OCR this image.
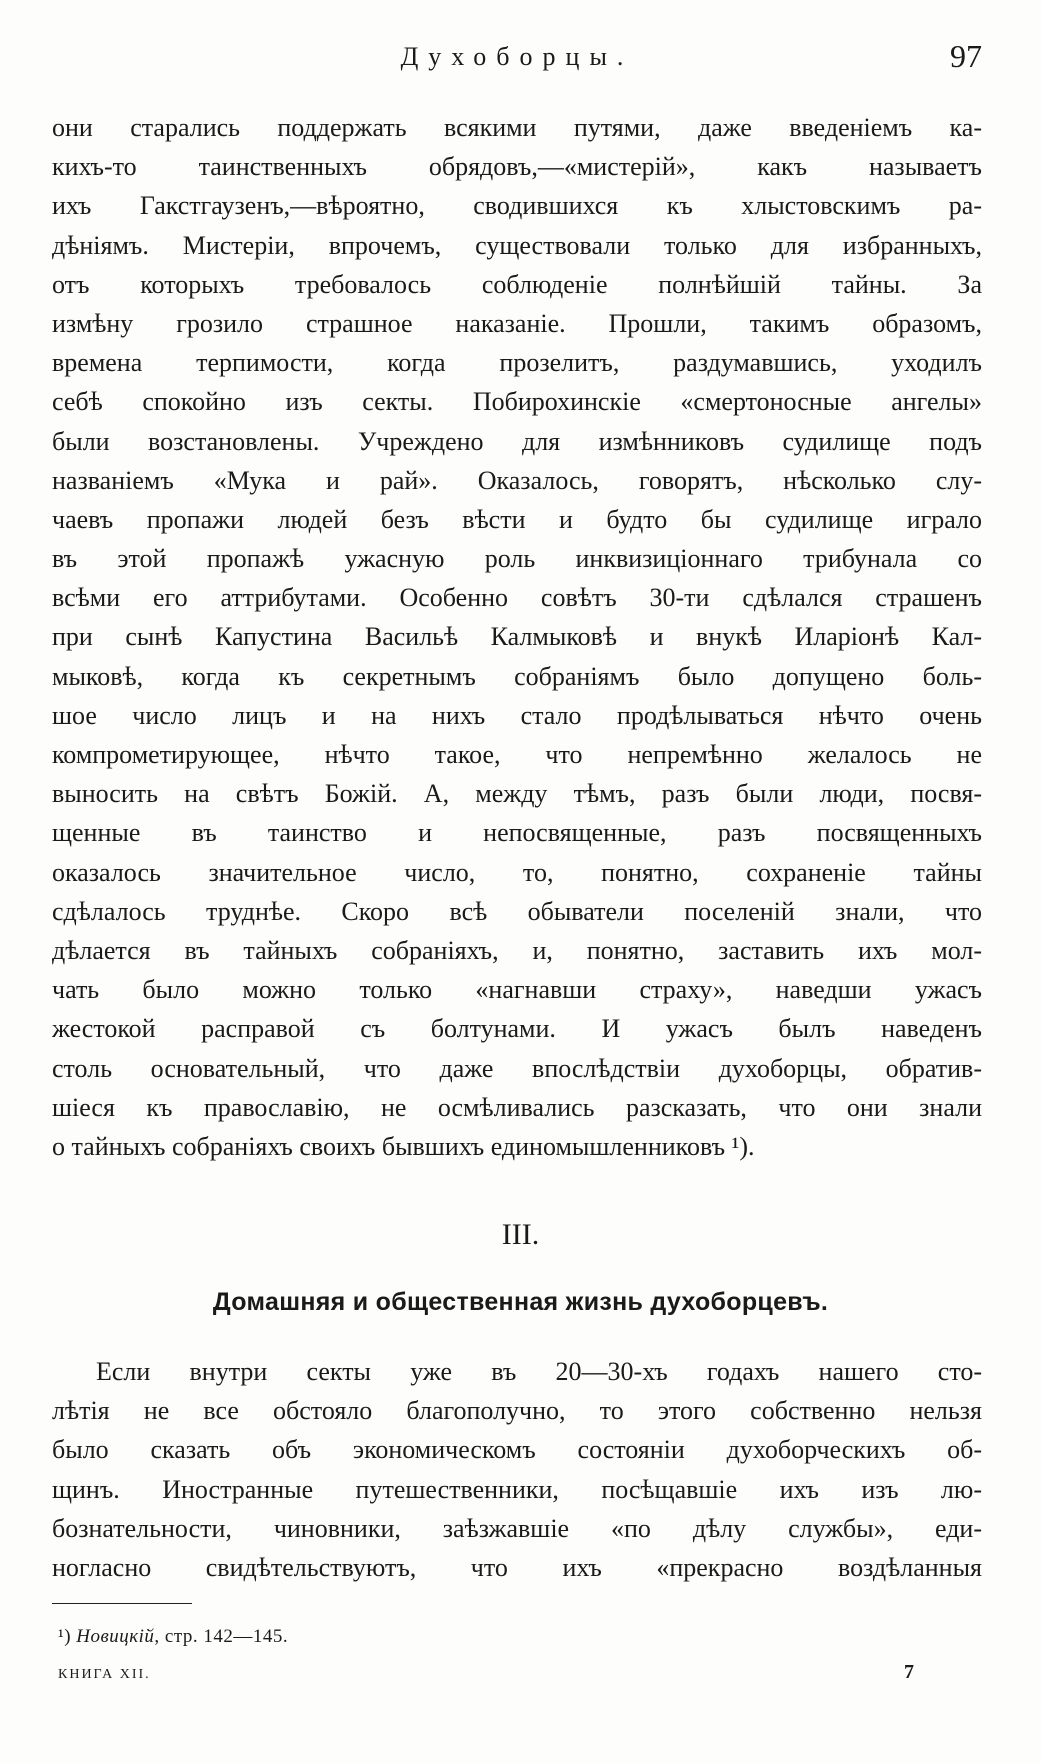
Духоборцы.	97
они старались поддержать всякими путями, даже введеніемъ ка-
кихъ-то таинственныхъ обрядовъ,—«мистерій», какъ называетъ
ихъ Гакстгаузенъ,—вѣроятно, сводившихся къ хлыстовскимъ ра-
дѣніямъ. Мистеріи, впрочемъ, существовали только для избранныхъ,
отъ которыхъ требовалось соблюденіе полнѣйшій тайны. За
измѣну грозило страшное наказаніе. Прошли, такимъ образомъ,
времена терпимости, когда прозелитъ, раздумавшись, уходилъ
себѣ спокойно изъ секты. Побирохинскіе «смертоносные ангелы»
были возстановлены. Учреждено для измѣнниковъ судилище подъ
названіемъ «Мука и рай». Оказалось, говорятъ, нѣсколько слу-
чаевъ пропажи людей безъ вѣсти и будто бы судилище играло
въ этой пропажѣ ужасную роль инквизиціоннаго трибунала со
всѣми его аттрибутами. Особенно совѣтъ 30-ти сдѣлался страшенъ
при сынѣ Капустина Васильѣ Калмыковѣ и внукѣ Иларіонѣ Кал-
мыковѣ, когда къ секретнымъ собраніямъ было допущено боль-
шое число лицъ и на нихъ стало продѣлываться нѣчто очень
компрометирующее, нѣчто такое, что непремѣнно желалось не
выносить на свѣтъ Божій. А, между тѣмъ, разъ были люди, посвя-
щенные въ таинство и непосвященные, разъ посвященныхъ
оказалось значительное число, то, понятно, сохраненіе тайны
сдѣлалось труднѣе. Скоро всѣ обыватели поселеній знали, что
дѣлается въ тайныхъ собраніяхъ, и, понятно, заставить ихъ мол-
чать было можно только «нагнавши страху», наведши ужасъ
жестокой расправой съ болтунами. И ужасъ былъ наведенъ
столь основательный, что даже впослѣдствіи духоборцы, обратив-
шіеся къ православію, не осмѣливались разсказать, что они знали
о тайныхъ собраніяхъ своихъ бывшихъ единомышленниковъ ¹).
III.
Домашняя и общественная жизнь духоборцевъ.
Если внутри секты уже въ 20—30-хъ годахъ нашего сто-
лѣтія не все обстояло благополучно, то этого собственно нельзя
было сказать объ экономическомъ состояніи духоборческихъ об-
щинъ. Иностранные путешественники, посѣщавшіе ихъ изъ лю-
бознательности, чиновники, заѣзжавшіе «по дѣлу службы», еди-
ногласно свидѣтельствуютъ, что ихъ «прекрасно воздѣланныя
¹) Новицкій, стр. 142—145.
КНИГА XII.	7
